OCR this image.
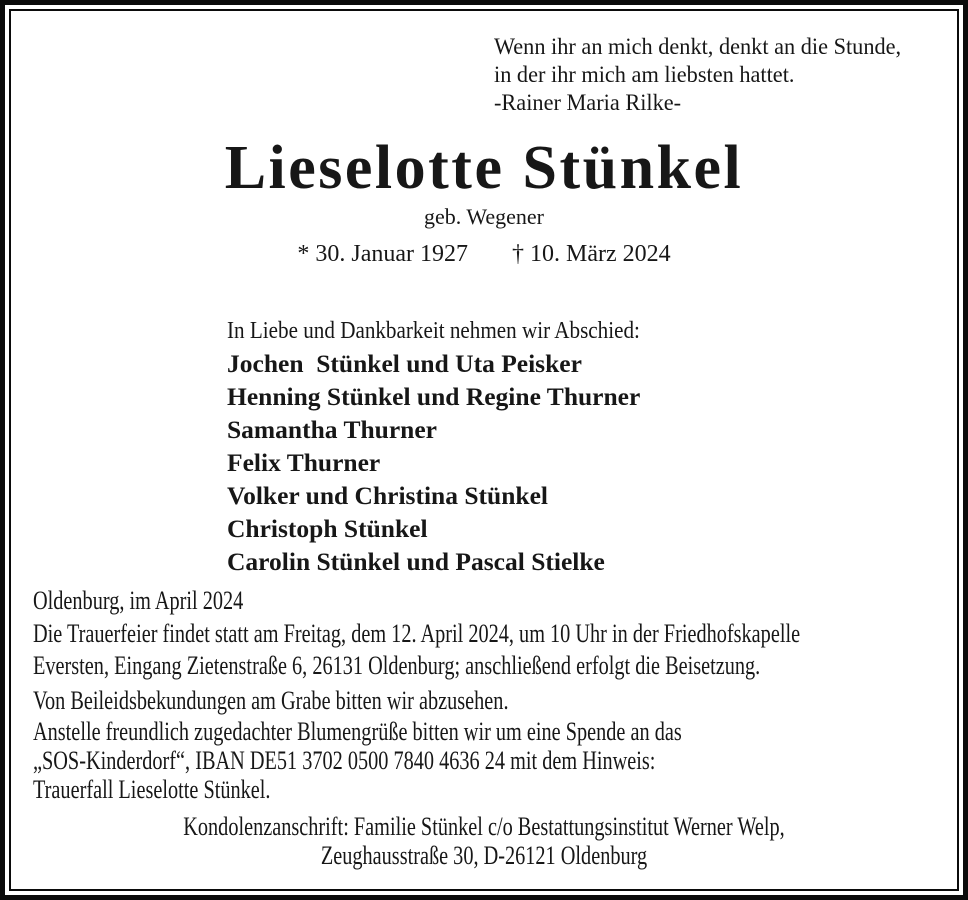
Wenn ihr an mich denkt, denkt an die Stunde,
in der ihr mich am liebsten hattet.
-Rainer Maria Rilke-
Lieselotte Stünkel
geb. Wegener
* 30. Januar 1927 † 10. März 2024
In Liebe und Dankbarkeit nehmen wir Abschied:
Jochen  Stünkel und Uta Peisker
Henning Stünkel und Regine Thurner
Samantha Thurner
Felix Thurner
Volker und Christina Stünkel
Christoph Stünkel
Carolin Stünkel und Pascal Stielke
Oldenburg, im April 2024
Die Trauerfeier findet statt am Freitag, dem 12. April 2024, um 10 Uhr in der Friedhofskapelle
Eversten, Eingang Zietenstraße 6, 26131 Oldenburg; anschließend erfolgt die Beisetzung.
Von Beileidsbekundungen am Grabe bitten wir abzusehen.
Anstelle freundlich zugedachter Blumengrüße bitten wir um eine Spende an das
„SOS-Kinderdorf“, IBAN DE51 3702 0500 7840 4636 24 mit dem Hinweis:
Trauerfall Lieselotte Stünkel.
Kondolenzanschrift: Familie Stünkel c/o Bestattungsinstitut Werner Welp,
Zeughausstraße 30, D-26121 Oldenburg
